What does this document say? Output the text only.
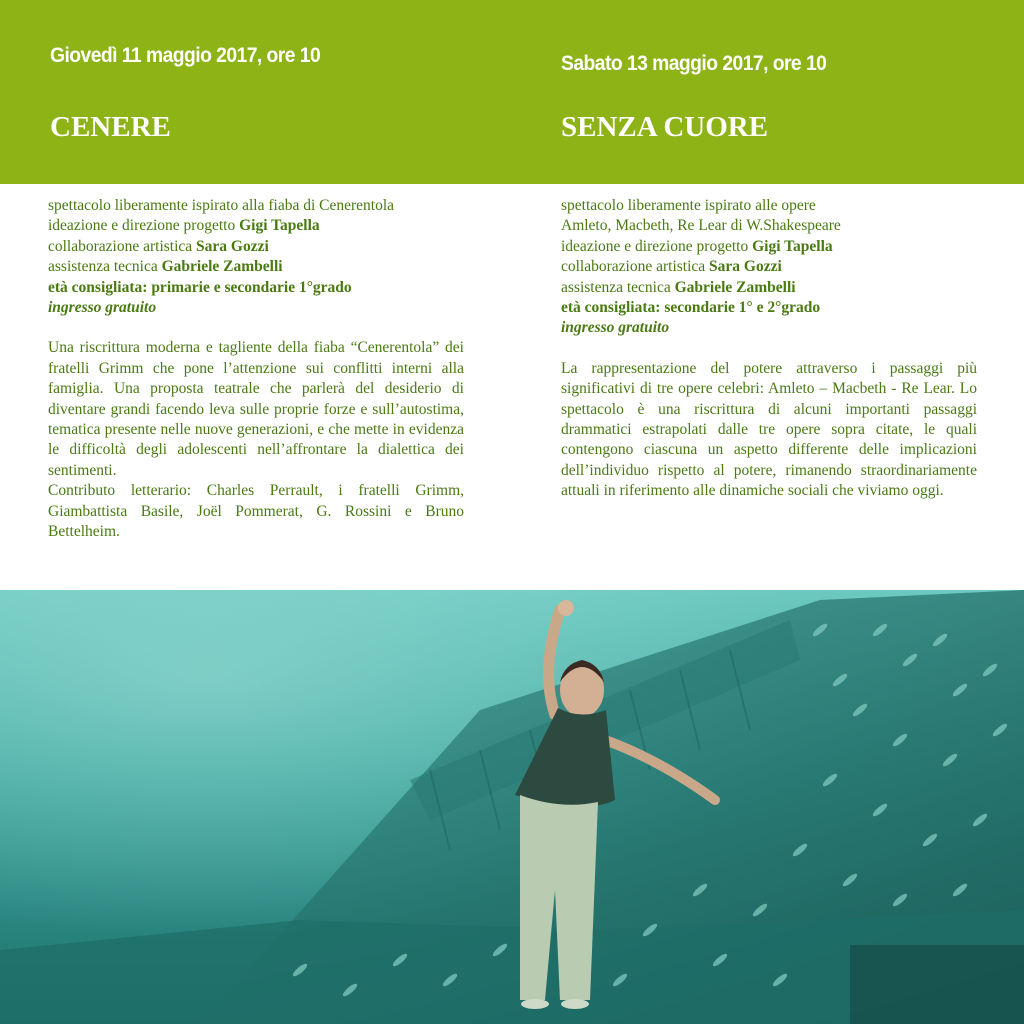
Giovedì 11 maggio 2017, ore 10	Sabato 13 maggio 2017, ore 10
CENERE	SENZA CUORE

spettacolo liberamente ispirato alla fiaba di Cenerentola

ideazione e direzione progetto Gigi Tapella

collaborazione artistica Sara Gozzi

assistenza tecnica Gabriele Zambelli

età consigliata: primarie e secondarie 1°grado

ingresso gratuito

Una riscrittura moderna e tagliente della fiaba “Cenerentola” dei fratelli Grimm che pone l’attenzione sui conflitti interni alla famiglia. Una proposta teatrale che parlerà del desiderio di diventare grandi facendo leva sulle proprie forze e sull’autostima, tematica presente nelle nuove generazioni, e che mette in evidenza le difficoltà degli adolescenti nell’affrontare la dialettica dei sentimenti.

Contributo letterario: Charles Perrault, i fratelli Grimm, Giambattista Basile, Joël Pommerat, G. Rossini e Bruno Bettelheim.

spettacolo liberamente ispirato alle opere

Amleto, Macbeth, Re Lear di W.Shakespeare

ideazione e direzione progetto Gigi Tapella

collaborazione artistica Sara Gozzi

assistenza tecnica Gabriele Zambelli

età consigliata: secondarie 1° e 2°grado

ingresso gratuito

La rappresentazione del potere attraverso i passaggi più significativi di tre opere celebri: Amleto – Macbeth - Re Lear. Lo spettacolo è una riscrittura di alcuni importanti passaggi drammatici estrapolati dalle tre opere sopra citate, le quali contengono ciascuna un aspetto differente delle implicazioni dell’individuo rispetto al potere, rimanendo straordinariamente attuali in riferimento alle dinamiche sociali che viviamo oggi.
